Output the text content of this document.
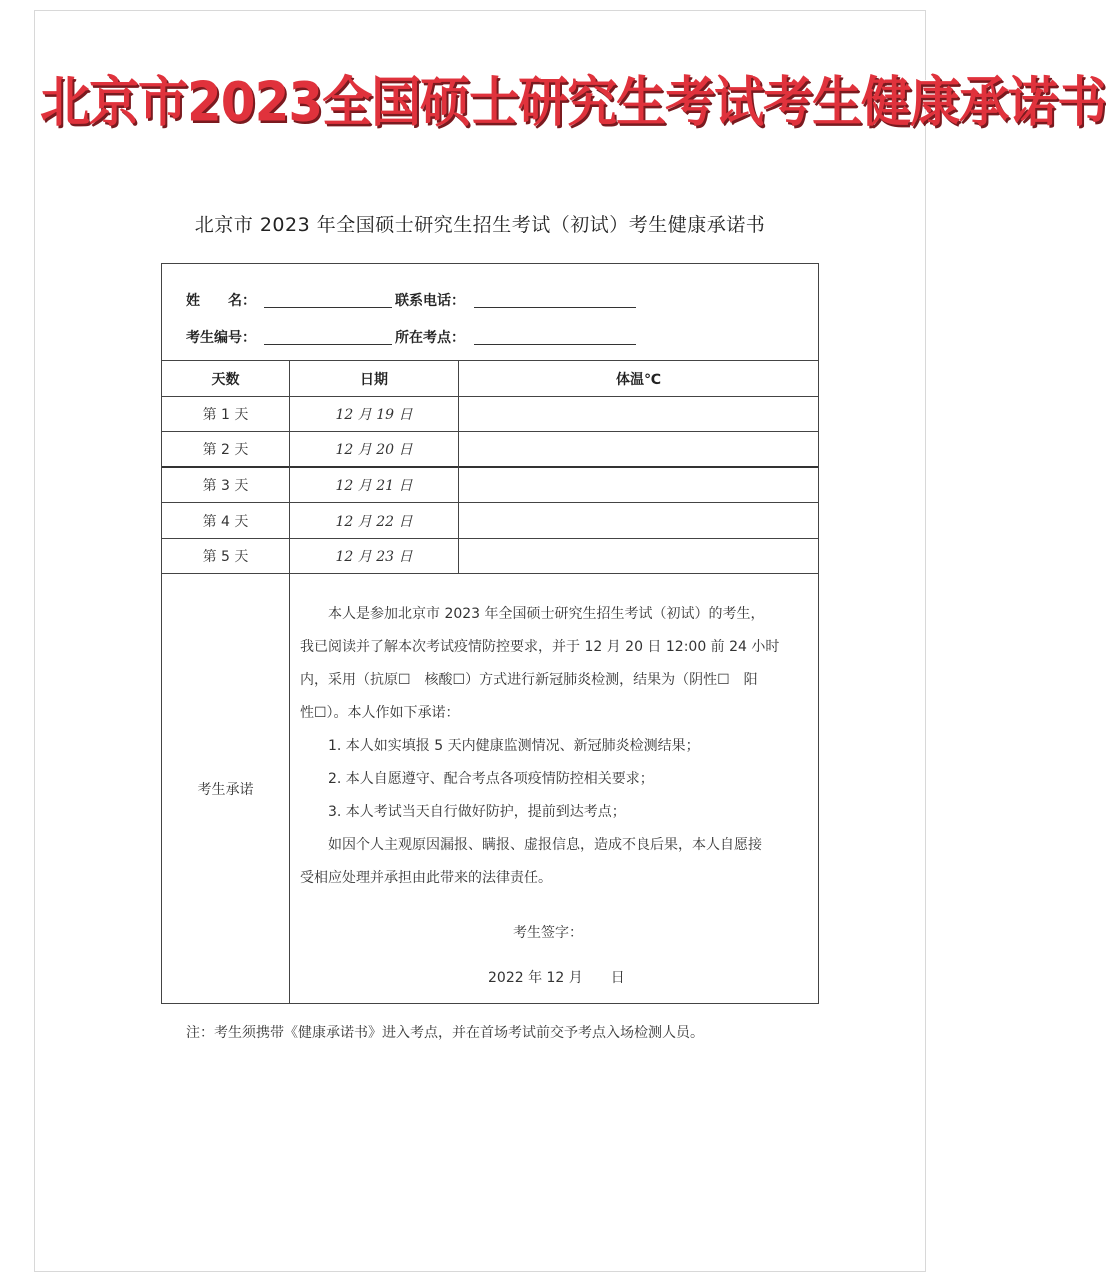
北京市2023全国硕士研究生考试考生健康承诺书
北京市 2023 年全国硕士研究生招生考试（初试）考生健康承诺书
姓　　名：	联系电话：
考生编号：	所在考点：
天数	日期	体温℃
第 1 天	12 月 19 日
第 2 天	12 月 20 日
第 3 天	12 月 21 日
第 4 天	12 月 22 日
第 5 天	12 月 23 日
考生承诺

本人是参加北京市 2023 年全国硕士研究生招生考试（初试）的考生，

我已阅读并了解本次考试疫情防控要求，并于 12 月 20 日 12:00 前 24 小时

内，采用（抗原☐　核酸☐）方式进行新冠肺炎检测，结果为（阴性☐　阳

性☐）。本人作如下承诺：

1. 本人如实填报 5 天内健康监测情况、新冠肺炎检测结果；

2. 本人自愿遵守、配合考点各项疫情防控相关要求；

3. 本人考试当天自行做好防护，提前到达考点；

如因个人主观原因漏报、瞒报、虚报信息，造成不良后果，本人自愿接

受相应处理并承担由此带来的法律责任。

考生签字：
2022 年 12 月　　日
注：考生须携带《健康承诺书》进入考点，并在首场考试前交予考点入场检测人员。
